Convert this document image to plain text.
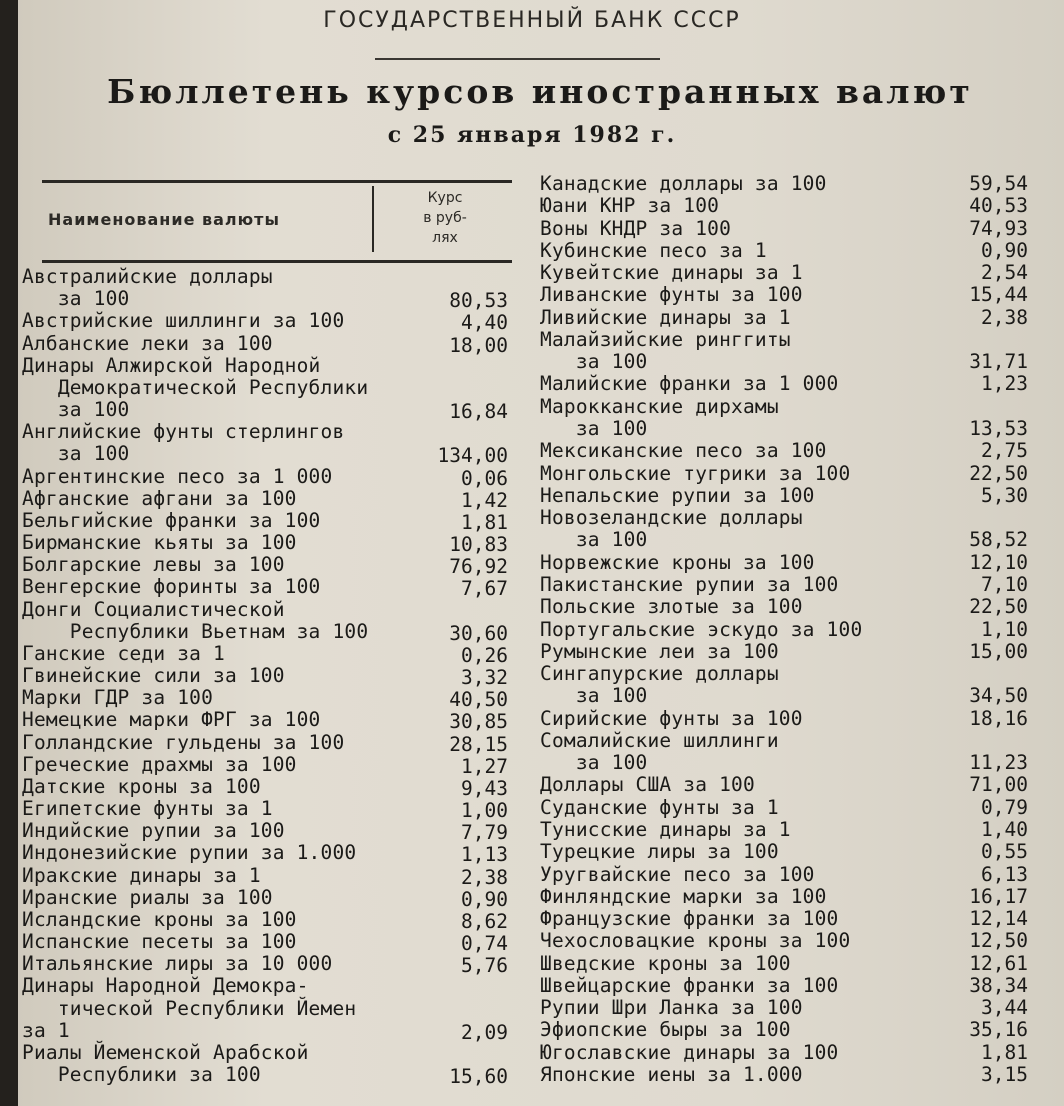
ГОСУДАРСТВЕННЫЙ БАНК СССР
Бюллетень курсов иностранных валют
с 25 января 1982 г.
Наименование валюты
Курс
в руб-
лях
Австралийские доллары
за 100	80,53
Австрийские шиллинги за 100	4,40
Албанские леки за 100	18,00
Динары Алжирской Народной
Демократической Республики
за 100	16,84
Английские фунты стерлингов
за 100	134,00
Аргентинские песо за 1 000	0,06
Афганские афгани за 100	1,42
Бельгийские франки за 100	1,81
Бирманские кьяты за 100	10,83
Болгарские левы за 100	76,92
Венгерские форинты за 100	7,67
Донги Социалистической
Республики Вьетнам за 100	30,60
Ганские седи за 1	0,26
Гвинейские сили за 100	3,32
Марки ГДР за 100	40,50
Немецкие марки ФРГ за 100	30,85
Голландские гульдены за 100	28,15
Греческие драхмы за 100	1,27
Датские кроны за 100	9,43
Египетские фунты за 1	1,00
Индийские рупии за 100	7,79
Индонезийские рупии за 1.000	1,13
Иракские динары за 1	2,38
Иранские риалы за 100	0,90
Исландские кроны за 100	8,62
Испанские песеты за 100	0,74
Итальянские лиры за 10 000	5,76
Динары Народной Демокра-
тической Республики Йемен
за 1	2,09
Риалы Йеменской Арабской
Республики за 100	15,60
Канадские доллары за 100	59,54
Юани КНР за 100	40,53
Воны КНДР за 100	74,93
Кубинские песо за 1	0,90
Кувейтские динары за 1	2,54
Ливанские фунты за 100	15,44
Ливийские динары за 1	2,38
Малайзийские ринггиты
за 100	31,71
Малийские франки за 1 000	1,23
Марокканские дирхамы
за 100	13,53
Мексиканские песо за 100	2,75
Монгольские тугрики за 100	22,50
Непальские рупии за 100	5,30
Новозеландские доллары
за 100	58,52
Норвежские кроны за 100	12,10
Пакистанские рупии за 100	7,10
Польские злотые за 100	22,50
Португальские эскудо за 100	1,10
Румынские леи за 100	15,00
Сингапурские доллары
за 100	34,50
Сирийские фунты за 100	18,16
Сомалийские шиллинги
за 100	11,23
Доллары США за 100	71,00
Суданские фунты за 1	0,79
Тунисские динары за 1	1,40
Турецкие лиры за 100	0,55
Уругвайские песо за 100	6,13
Финляндские марки за 100	16,17
Французские франки за 100	12,14
Чехословацкие кроны за 100	12,50
Шведские кроны за 100	12,61
Швейцарские франки за 100	38,34
Рупии Шри Ланка за 100	3,44
Эфиопские быры за 100	35,16
Югославские динары за 100	1,81
Японские иены за 1.000	3,15
